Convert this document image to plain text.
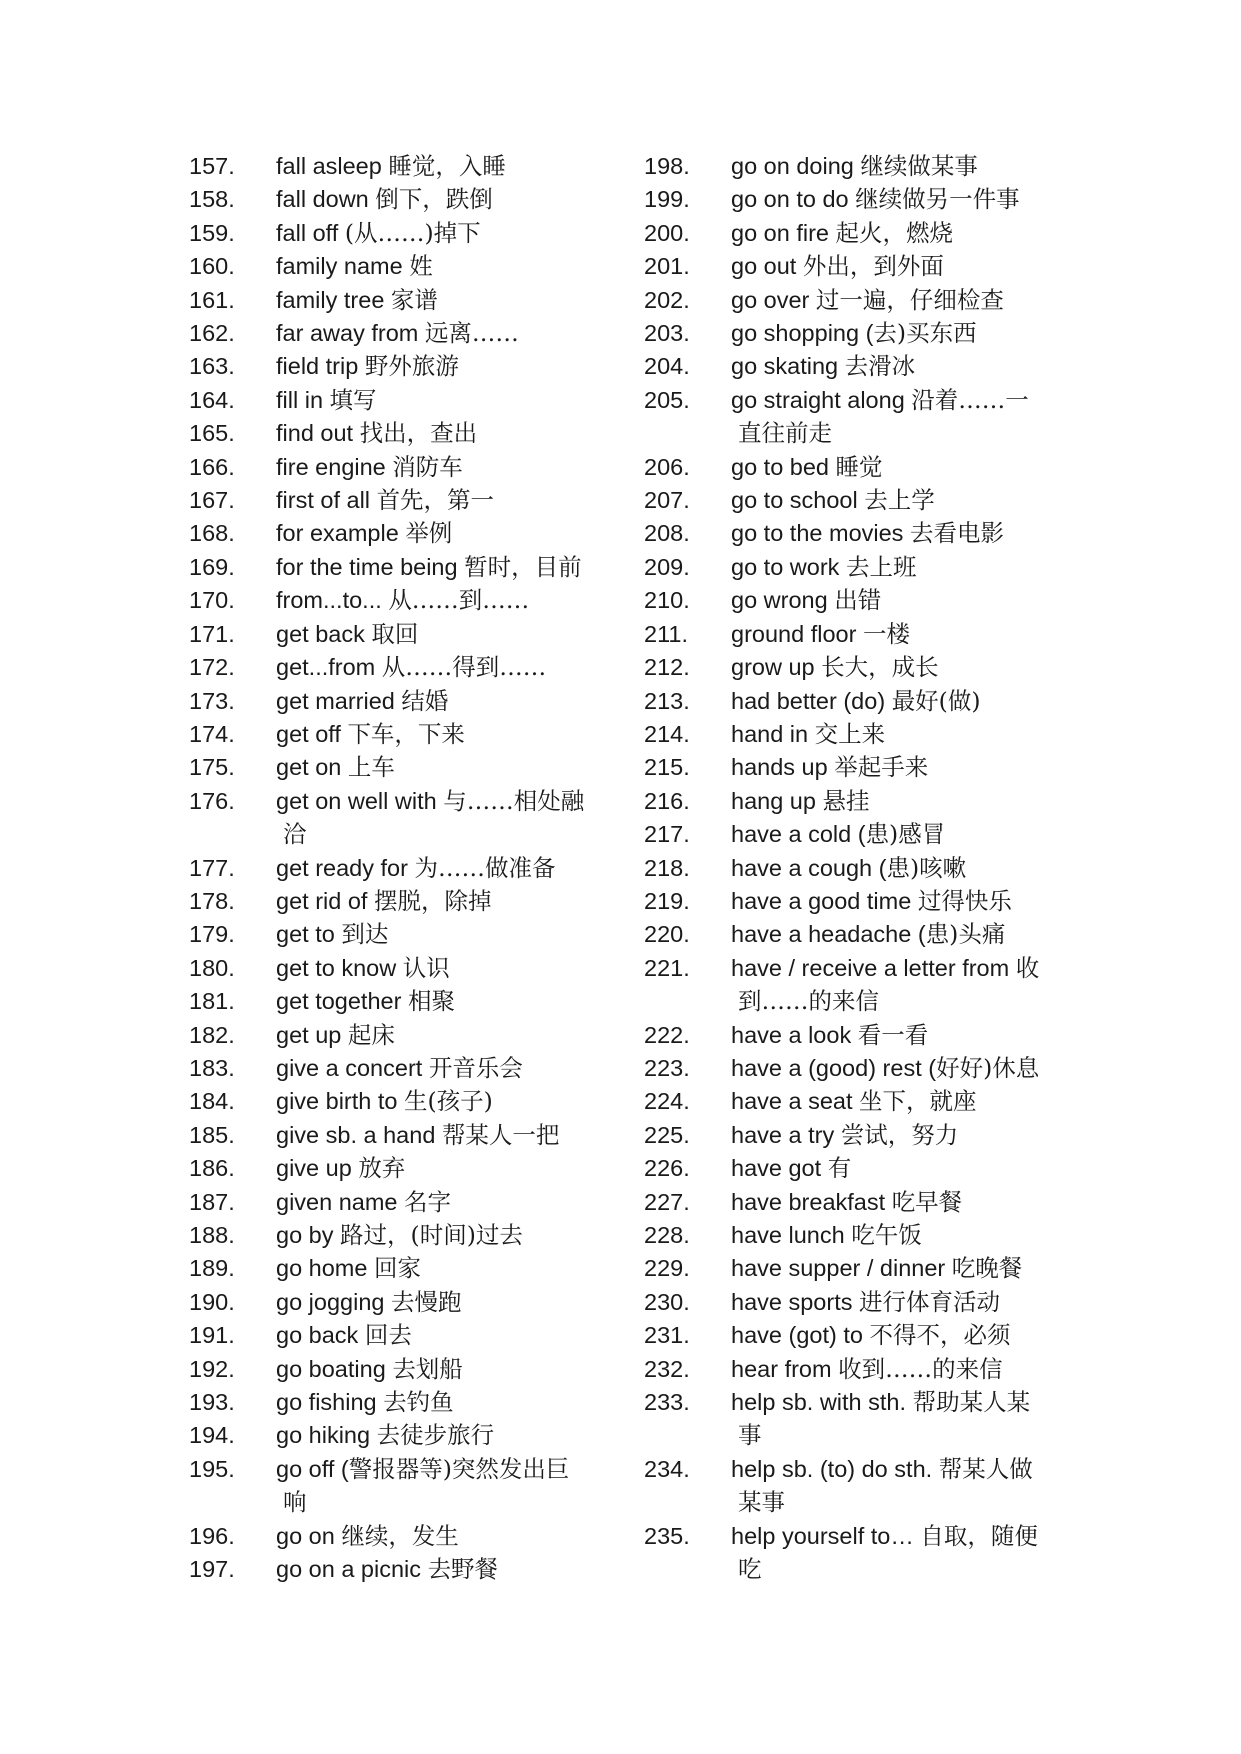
157.	fall asleep 睡觉，入睡
158.	fall down 倒下，跌倒
159.	fall off (从……)掉下
160.	family name 姓
161.	family tree 家谱
162.	far away from 远离……
163.	field trip 野外旅游
164.	fill in 填写
165.	find out 找出，查出
166.	fire engine 消防车
167.	first of all 首先，第一
168.	for example 举例
169.	for the time being 暂时，目前
170.	from...to... 从……到……
171.	get back 取回
172.	get...from 从……得到……
173.	get married 结婚
174.	get off 下车，下来
175.	get on 上车
176.	get on well with 与……相处融
洽
177.	get ready for 为……做准备
178.	get rid of 摆脱，除掉
179.	get to 到达
180.	get to know 认识
181.	get together 相聚
182.	get up 起床
183.	give a concert 开音乐会
184.	give birth to 生(孩子)
185.	give sb. a hand 帮某人一把
186.	give up 放弃
187.	given name 名字
188.	go by 路过，(时间)过去
189.	go home 回家
190.	go jogging 去慢跑
191.	go back 回去
192.	go boating 去划船
193.	go fishing 去钓鱼
194.	go hiking 去徒步旅行
195.	go off (警报器等)突然发出巨
响
196.	go on 继续，发生
197.	go on a picnic 去野餐
198.	go on doing 继续做某事
199.	go on to do 继续做另一件事
200.	go on fire 起火，燃烧
201.	go out 外出，到外面
202.	go over 过一遍，仔细检查
203.	go shopping (去)买东西
204.	go skating 去滑冰
205.	go straight along 沿着……一
直往前走
206.	go to bed 睡觉
207.	go to school 去上学
208.	go to the movies 去看电影
209.	go to work 去上班
210.	go wrong 出错
211.	ground floor 一楼
212.	grow up 长大，成长
213.	had better (do) 最好(做)
214.	hand in 交上来
215.	hands up 举起手来
216.	hang up 悬挂
217.	have a cold (患)感冒
218.	have a cough (患)咳嗽
219.	have a good time 过得快乐
220.	have a headache (患)头痛
221.	have / receive a letter from 收
到……的来信
222.	have a look 看一看
223.	have a (good) rest (好好)休息
224.	have a seat 坐下，就座
225.	have a try 尝试，努力
226.	have got 有
227.	have breakfast 吃早餐
228.	have lunch 吃午饭
229.	have supper / dinner 吃晚餐
230.	have sports 进行体育活动
231.	have (got) to 不得不，必须
232.	hear from 收到……的来信
233.	help sb. with sth. 帮助某人某
事
234.	help sb. (to) do sth. 帮某人做
某事
235.	help yourself to… 自取，随便
吃
